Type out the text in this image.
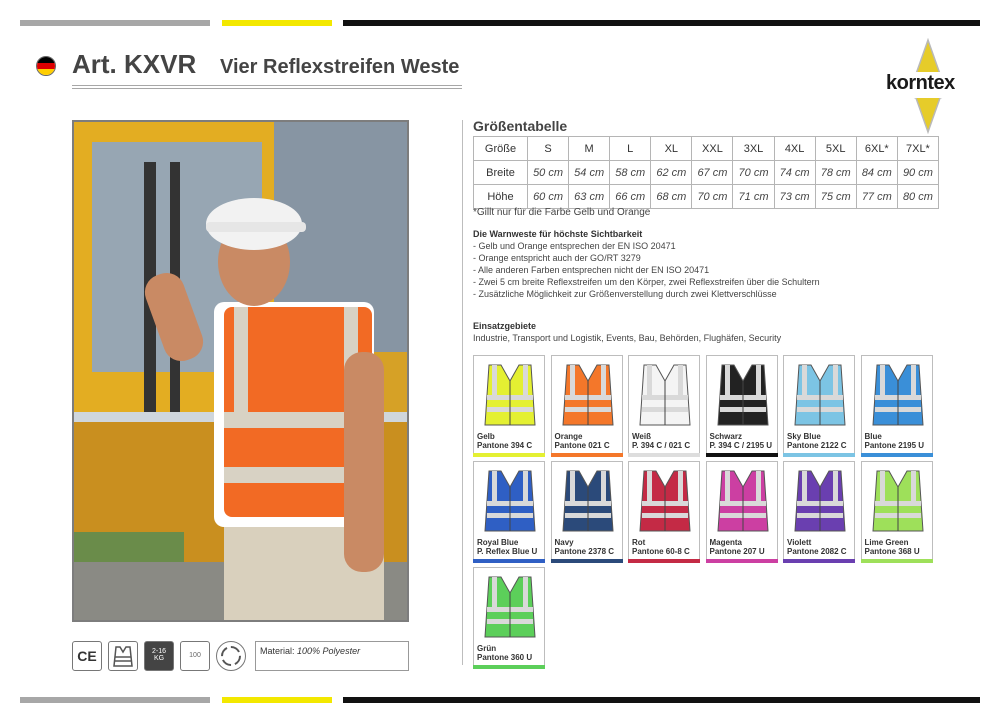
Art. KXVR Vier Reflexstreifen Weste
korntex
Größentabelle
Größe	S	M	L	XL	XXL	3XL	4XL	5XL	6XL*	7XL*
Breite	50 cm	54 cm	58 cm	62 cm	67 cm	70 cm	74 cm	78 cm	84 cm	90 cm
Höhe	60 cm	63 cm	66 cm	68 cm	70 cm	71 cm	73 cm	75 cm	77 cm	80 cm
*Gillt nur für die Farbe Gelb und Orange
Die Warnweste für höchste Sichtbarkeit
- Gelb und Orange entsprechen der EN ISO 20471
- Orange entspricht auch der GO/RT 3279
- Alle anderen Farben entsprechen nicht der EN ISO 20471
- Zwei 5 cm breite Reflexstreifen um den Körper, zwei Reflexstreifen über die Schultern
- Zusätzliche Möglichkeit zur Größenverstellung durch zwei Klettverschlüsse
Einsatzgebiete
Industrie, Transport und Logistik, Events, Bau, Behörden, Flughäfen, Security
Gelb
Pantone 394 C
Orange
Pantone 021 C
Weiß
P. 394 C / 021 C
Schwarz
P. 394 C / 2195 U
Sky Blue
Pantone 2122 C
Blue
Pantone 2195 U
Royal Blue
P. Reflex Blue U
Navy
Pantone 2378 C
Rot
Pantone 60-8 C
Magenta
Pantone 207 U
Violett
Pantone 2082 C
Lime Green
Pantone 368 U
Grün
Pantone 360 U
CE	2-16
KG	100	Material: 100% Polyester
